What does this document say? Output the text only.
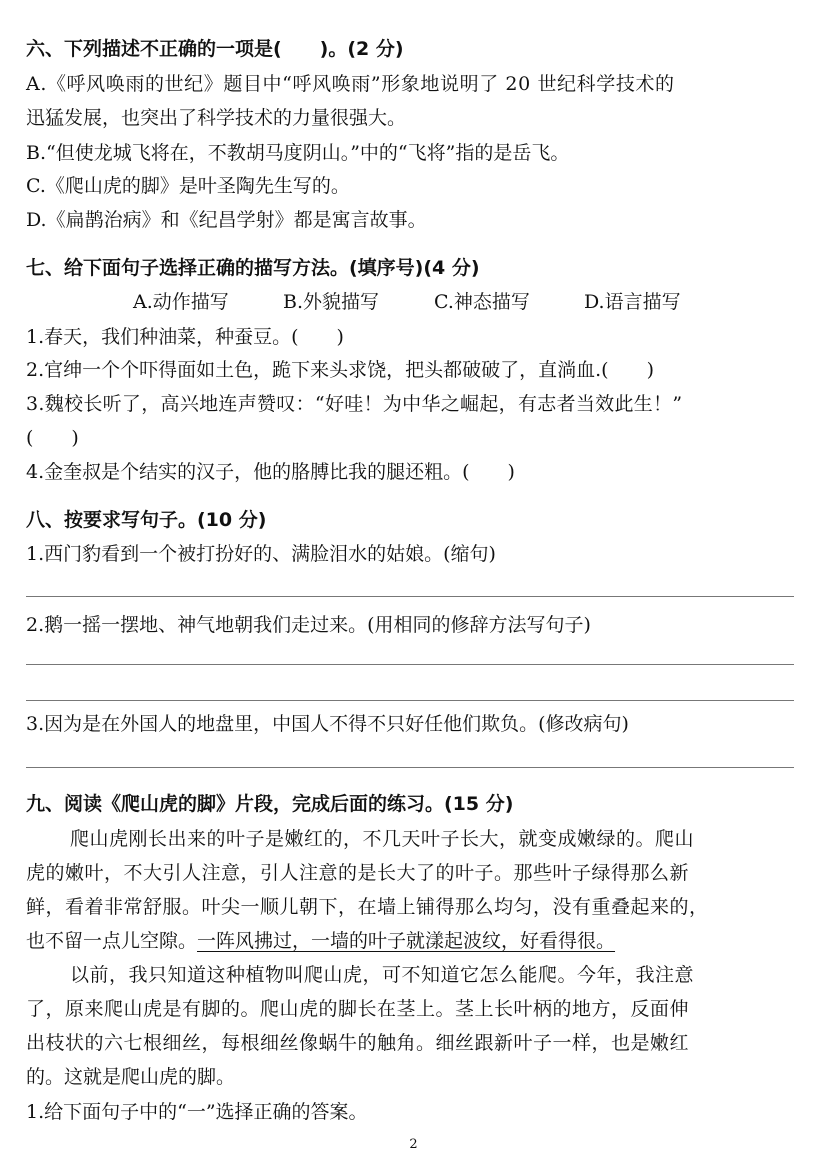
六、下列描述不正确的一项是(　　)。(2 分)
A.《呼风唤雨的世纪》题目中“呼风唤雨”形象地说明了 20 世纪科学技术的
迅猛发展，也突出了科学技术的力量很强大。
B.“但使龙城飞将在，不教胡马度阴山。”中的“飞将”指的是岳飞。
C.《爬山虎的脚》是叶圣陶先生写的。
D.《扁鹊治病》和《纪昌学射》都是寓言故事。
七、给下面句子选择正确的描写方法。(填序号)(4 分)
A.动作描写	B.外貌描写	C.神态描写	D.语言描写
1.春天，我们种油菜，种蚕豆。(　　)
2.官绅一个个吓得面如土色，跪下来头求饶，把头都破破了，直淌血.(　　)
3.魏校长听了，高兴地连声赞叹：“好哇！为中华之崛起，有志者当效此生！”
(　　)
4.金奎叔是个结实的汉子，他的胳膊比我的腿还粗。(　　)
八、按要求写句子。(10 分)
1.西门豹看到一个被打扮好的、满脸泪水的姑娘。(缩句)
2.鹅一摇一摆地、神气地朝我们走过来。(用相同的修辞方法写句子)
3.因为是在外国人的地盘里，中国人不得不只好任他们欺负。(修改病句)
九、阅读《爬山虎的脚》片段，完成后面的练习。(15 分)
爬山虎刚长出来的叶子是嫩红的，不几天叶子长大，就变成嫩绿的。爬山
虎的嫩叶，不大引人注意，引人注意的是长大了的叶子。那些叶子绿得那么新
鲜，看着非常舒服。叶尖一顺儿朝下，在墙上铺得那么均匀，没有重叠起来的，
也不留一点儿空隙。一阵风拂过，一墙的叶子就漾起波纹，好看得很。
以前，我只知道这种植物叫爬山虎，可不知道它怎么能爬。今年，我注意
了，原来爬山虎是有脚的。爬山虎的脚长在茎上。茎上长叶柄的地方，反面伸
出枝状的六七根细丝，每根细丝像蜗牛的触角。细丝跟新叶子一样，也是嫩红
的。这就是爬山虎的脚。
1.给下面句子中的“一”选择正确的答案。
2
